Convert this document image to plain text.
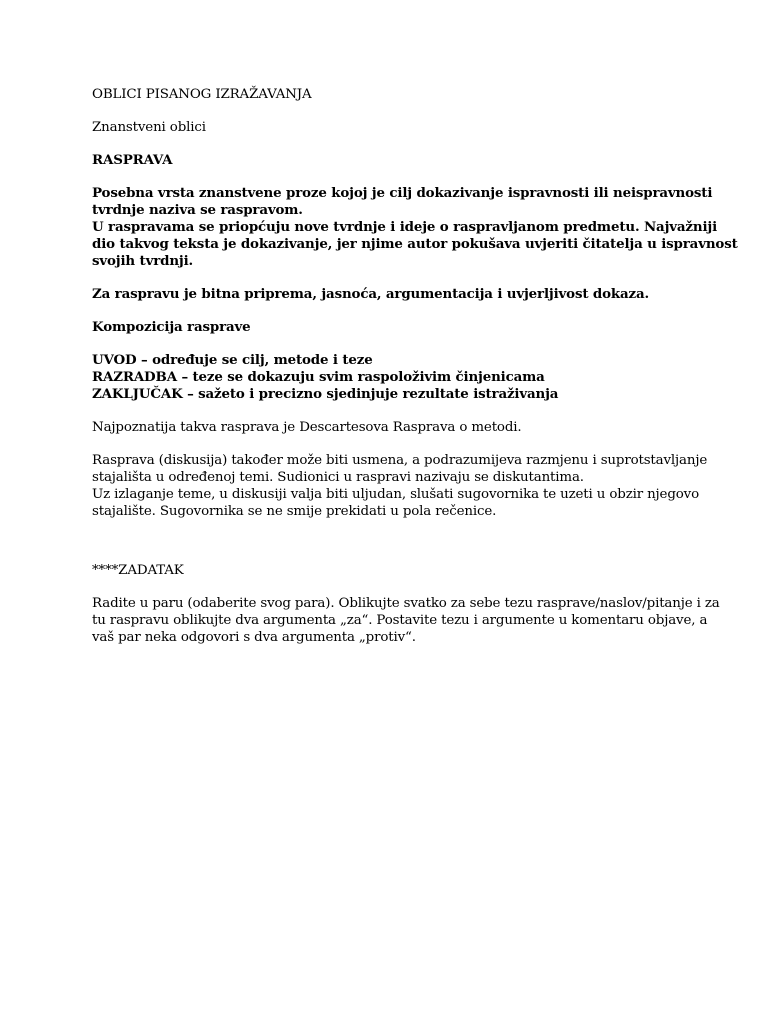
OBLICI PISANOG IZRAŽAVANJA

Znanstveni oblici

RASPRAVA

Posebna vrsta znanstvene proze kojoj je cilj dokazivanje ispravnosti ili neispravnosti
tvrdnje naziva se raspravom.
U raspravama se priopćuju nove tvrdnje i ideje o raspravljanom predmetu. Najvažniji
dio takvog teksta je dokazivanje, jer njime autor pokušava uvjeriti čitatelja u ispravnost
svojih tvrdnji.

Za raspravu je bitna priprema, jasnoća, argumentacija i uvjerljivost dokaza.

Kompozicija rasprave

UVOD – određuje se cilj, metode i teze
RAZRADBA – teze se dokazuju svim raspoloživim činjenicama
ZAKLJUČAK – sažeto i precizno sjedinjuje rezultate istraživanja

Najpoznatija takva rasprava je Descartesova Rasprava o metodi.

Rasprava (diskusija) također može biti usmena, a podrazumijeva razmjenu i suprotstavljanje
stajališta u određenoj temi. Sudionici u raspravi nazivaju se diskutantima.
Uz izlaganje teme, u diskusiji valja biti uljudan, slušati sugovornika te uzeti u obzir njegovo
stajalište. Sugovornika se ne smije prekidati u pola rečenice.

****ZADATAK

Radite u paru (odaberite svog para). Oblikujte svatko za sebe tezu rasprave/naslov/pitanje i za
tu raspravu oblikujte dva argumenta „za“. Postavite tezu i argumente u komentaru objave, a
vaš par neka odgovori s dva argumenta „protiv“.
